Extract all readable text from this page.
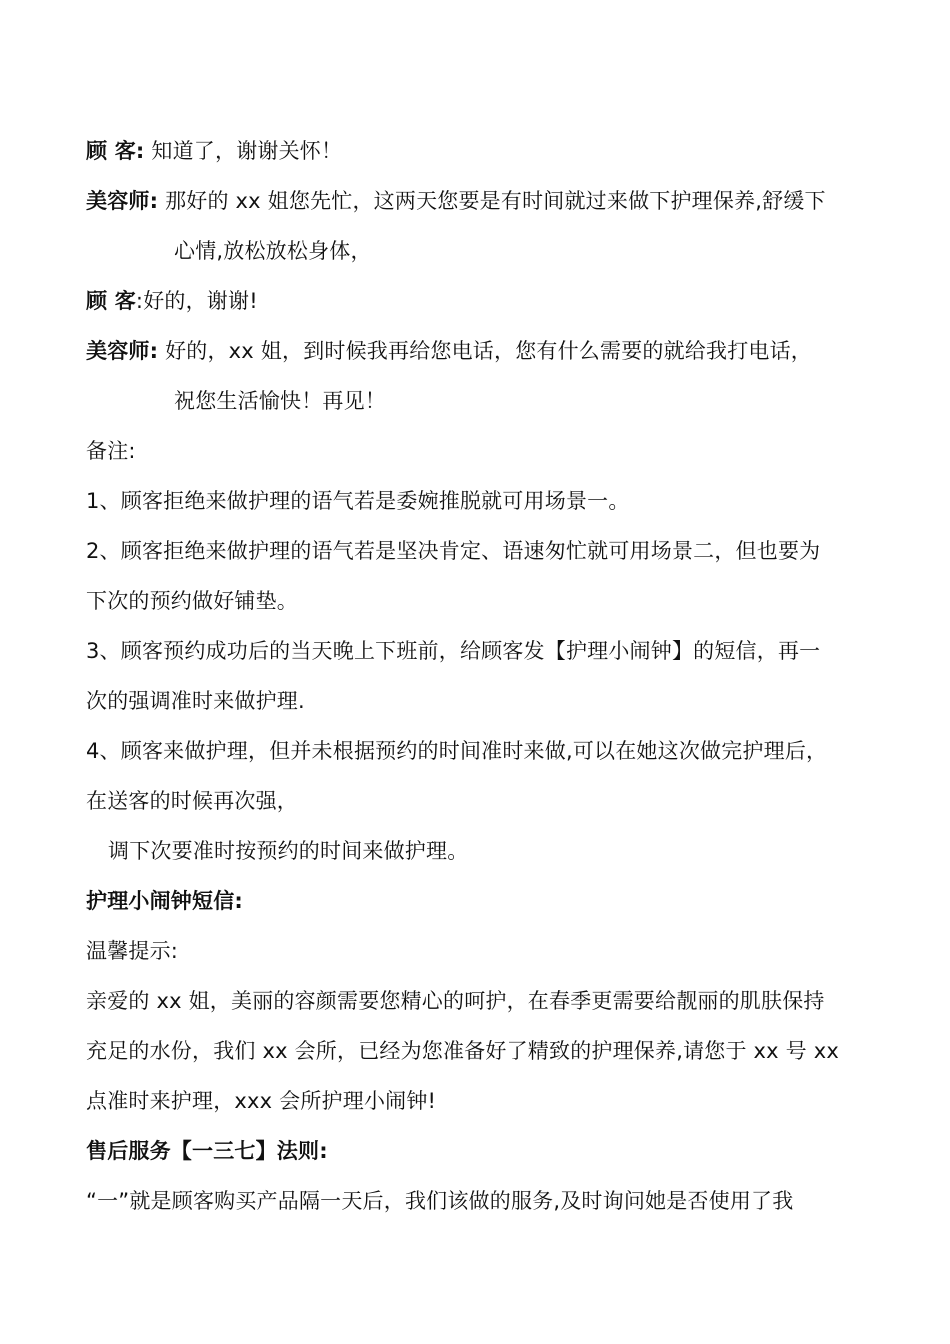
顾 客: 知道了，谢谢关怀！
美容师: 那好的 xx 姐您先忙，这两天您要是有时间就过来做下护理保养,舒缓下
心情,放松放松身体，
顾 客:好的，谢谢!
美容师: 好的，xx 姐，到时候我再给您电话，您有什么需要的就给我打电话，
祝您生活愉快！再见！
备注:
1、顾客拒绝来做护理的语气若是委婉推脱就可用场景一。
2、顾客拒绝来做护理的语气若是坚决肯定、语速匆忙就可用场景二，但也要为
下次的预约做好铺垫。
3、顾客预约成功后的当天晚上下班前，给顾客发【护理小闹钟】的短信，再一
次的强调准时来做护理.
4、顾客来做护理，但并未根据预约的时间准时来做,可以在她这次做完护理后，
在送客的时候再次强，
调下次要准时按预约的时间来做护理。
护理小闹钟短信:
温馨提示:
亲爱的 xx 姐，美丽的容颜需要您精心的呵护，在春季更需要给靓丽的肌肤保持
充足的水份，我们 xx 会所，已经为您准备好了精致的护理保养,请您于 xx 号 xx
点准时来护理，xxx 会所护理小闹钟!
售后服务【一三七】法则:
“一”就是顾客购买产品隔一天后，我们该做的服务,及时询问她是否使用了我
